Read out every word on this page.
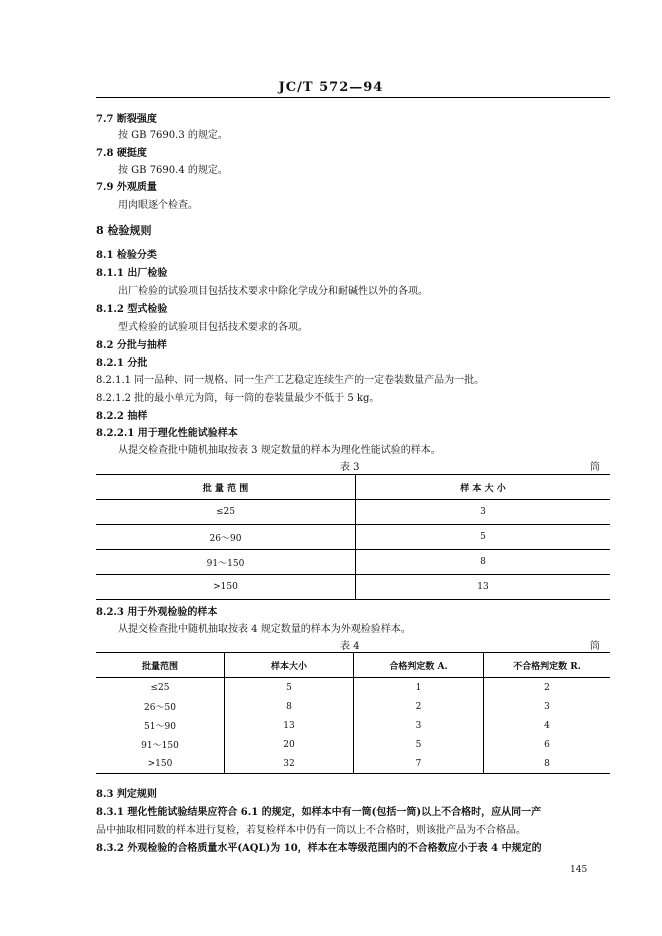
JC/T 572—94
7.7 断裂强度
按 GB 7690.3 的规定。
7.8 硬挺度
按 GB 7690.4 的规定。
7.9 外观质量
用肉眼逐个检查。
8 检验规则
8.1 检验分类
8.1.1 出厂检验
出厂检验的试验项目包括技术要求中除化学成分和耐碱性以外的各项。
8.1.2 型式检验
型式检验的试验项目包括技术要求的各项。
8.2 分批与抽样
8.2.1 分批
8.2.1.1 同一品种、同一规格、同一生产工艺稳定连续生产的一定卷装数量产品为一批。
8.2.1.2 批的最小单元为筒，每一筒的卷装量最少不低于 5 kg。
8.2.2 抽样
8.2.2.1 用于理化性能试验样本
从提交检查批中随机抽取按表 3 规定数量的样本为理化性能试验的样本。
表 3	筒
批 量 范 围	样 本 大 小
≤25	3
26～90	5
91～150	8
>150	13
8.2.3 用于外观检验的样本
从提交检查批中随机抽取按表 4 规定数量的样本为外观检验样本。
表 4	筒
批量范围	样本大小	合格判定数 A.	不合格判定数 R.
≤25	5	1	2
26～50	8	2	3
51～90	13	3	4
91～150	20	5	6
>150	32	7	8
8.3 判定规则
8.3.1 理化性能试验结果应符合 6.1 的规定，如样本中有一筒(包括一筒)以上不合格时，应从同一产
品中抽取相同数的样本进行复检，若复检样本中仍有一筒以上不合格时，则该批产品为不合格品。
8.3.2 外观检验的合格质量水平(AQL)为 10，样本在本等级范围内的不合格数应小于表 4 中规定的
145
